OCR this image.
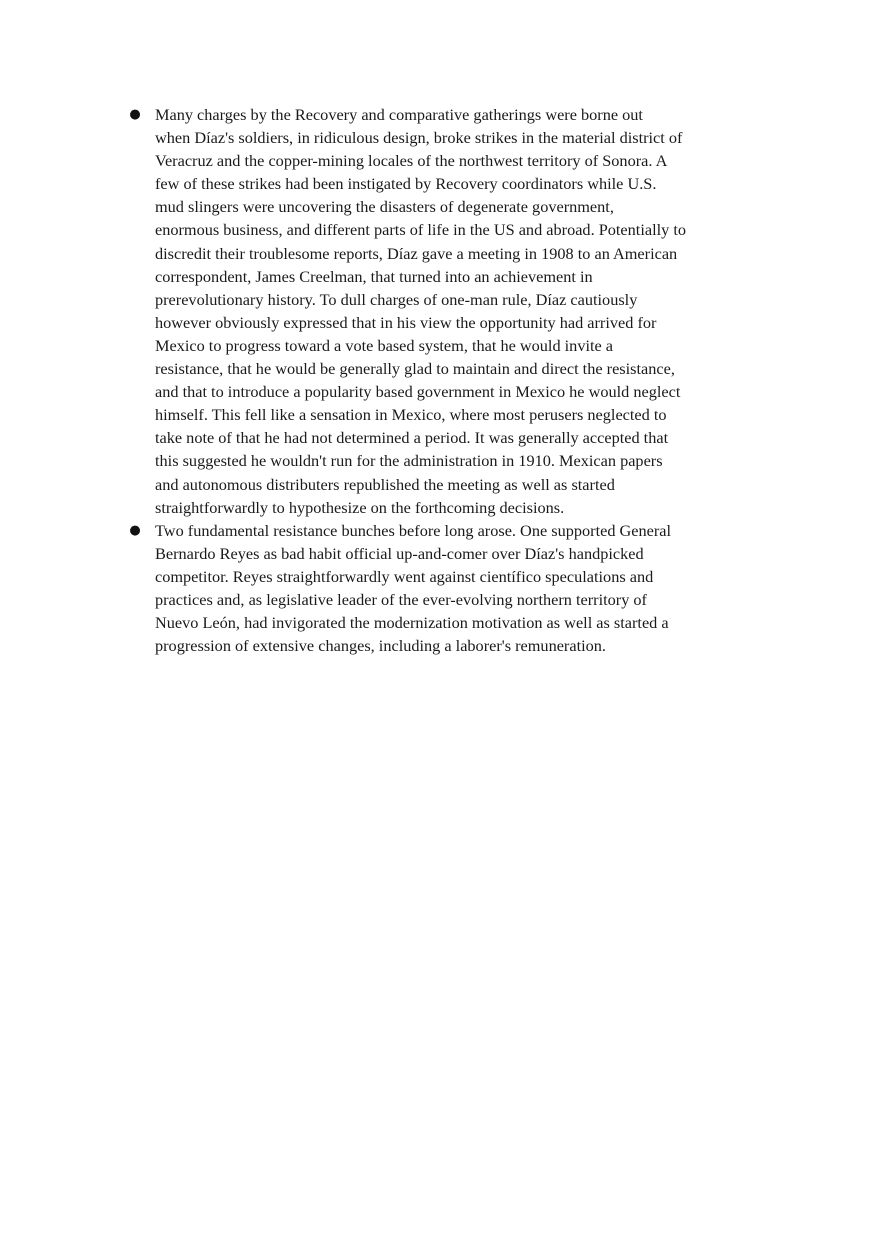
● Many charges by the Recovery and comparative gatherings were borne out
when Díaz's soldiers, in ridiculous design, broke strikes in the material district of
Veracruz and the copper-mining locales of the northwest territory of Sonora. A
few of these strikes had been instigated by Recovery coordinators while U.S.
mud slingers were uncovering the disasters of degenerate government,
enormous business, and different parts of life in the US and abroad. Potentially to
discredit their troublesome reports, Díaz gave a meeting in 1908 to an American
correspondent, James Creelman, that turned into an achievement in
prerevolutionary history. To dull charges of one-man rule, Díaz cautiously
however obviously expressed that in his view the opportunity had arrived for
Mexico to progress toward a vote based system, that he would invite a
resistance, that he would be generally glad to maintain and direct the resistance,
and that to introduce a popularity based government in Mexico he would neglect
himself. This fell like a sensation in Mexico, where most perusers neglected to
take note of that he had not determined a period. It was generally accepted that
this suggested he wouldn't run for the administration in 1910. Mexican papers
and autonomous distributers republished the meeting as well as started
straightforwardly to hypothesize on the forthcoming decisions.
● Two fundamental resistance bunches before long arose. One supported General
Bernardo Reyes as bad habit official up-and-comer over Díaz's handpicked
competitor. Reyes straightforwardly went against científico speculations and
practices and, as legislative leader of the ever-evolving northern territory of
Nuevo León, had invigorated the modernization motivation as well as started a
progression of extensive changes, including a laborer's remuneration.
